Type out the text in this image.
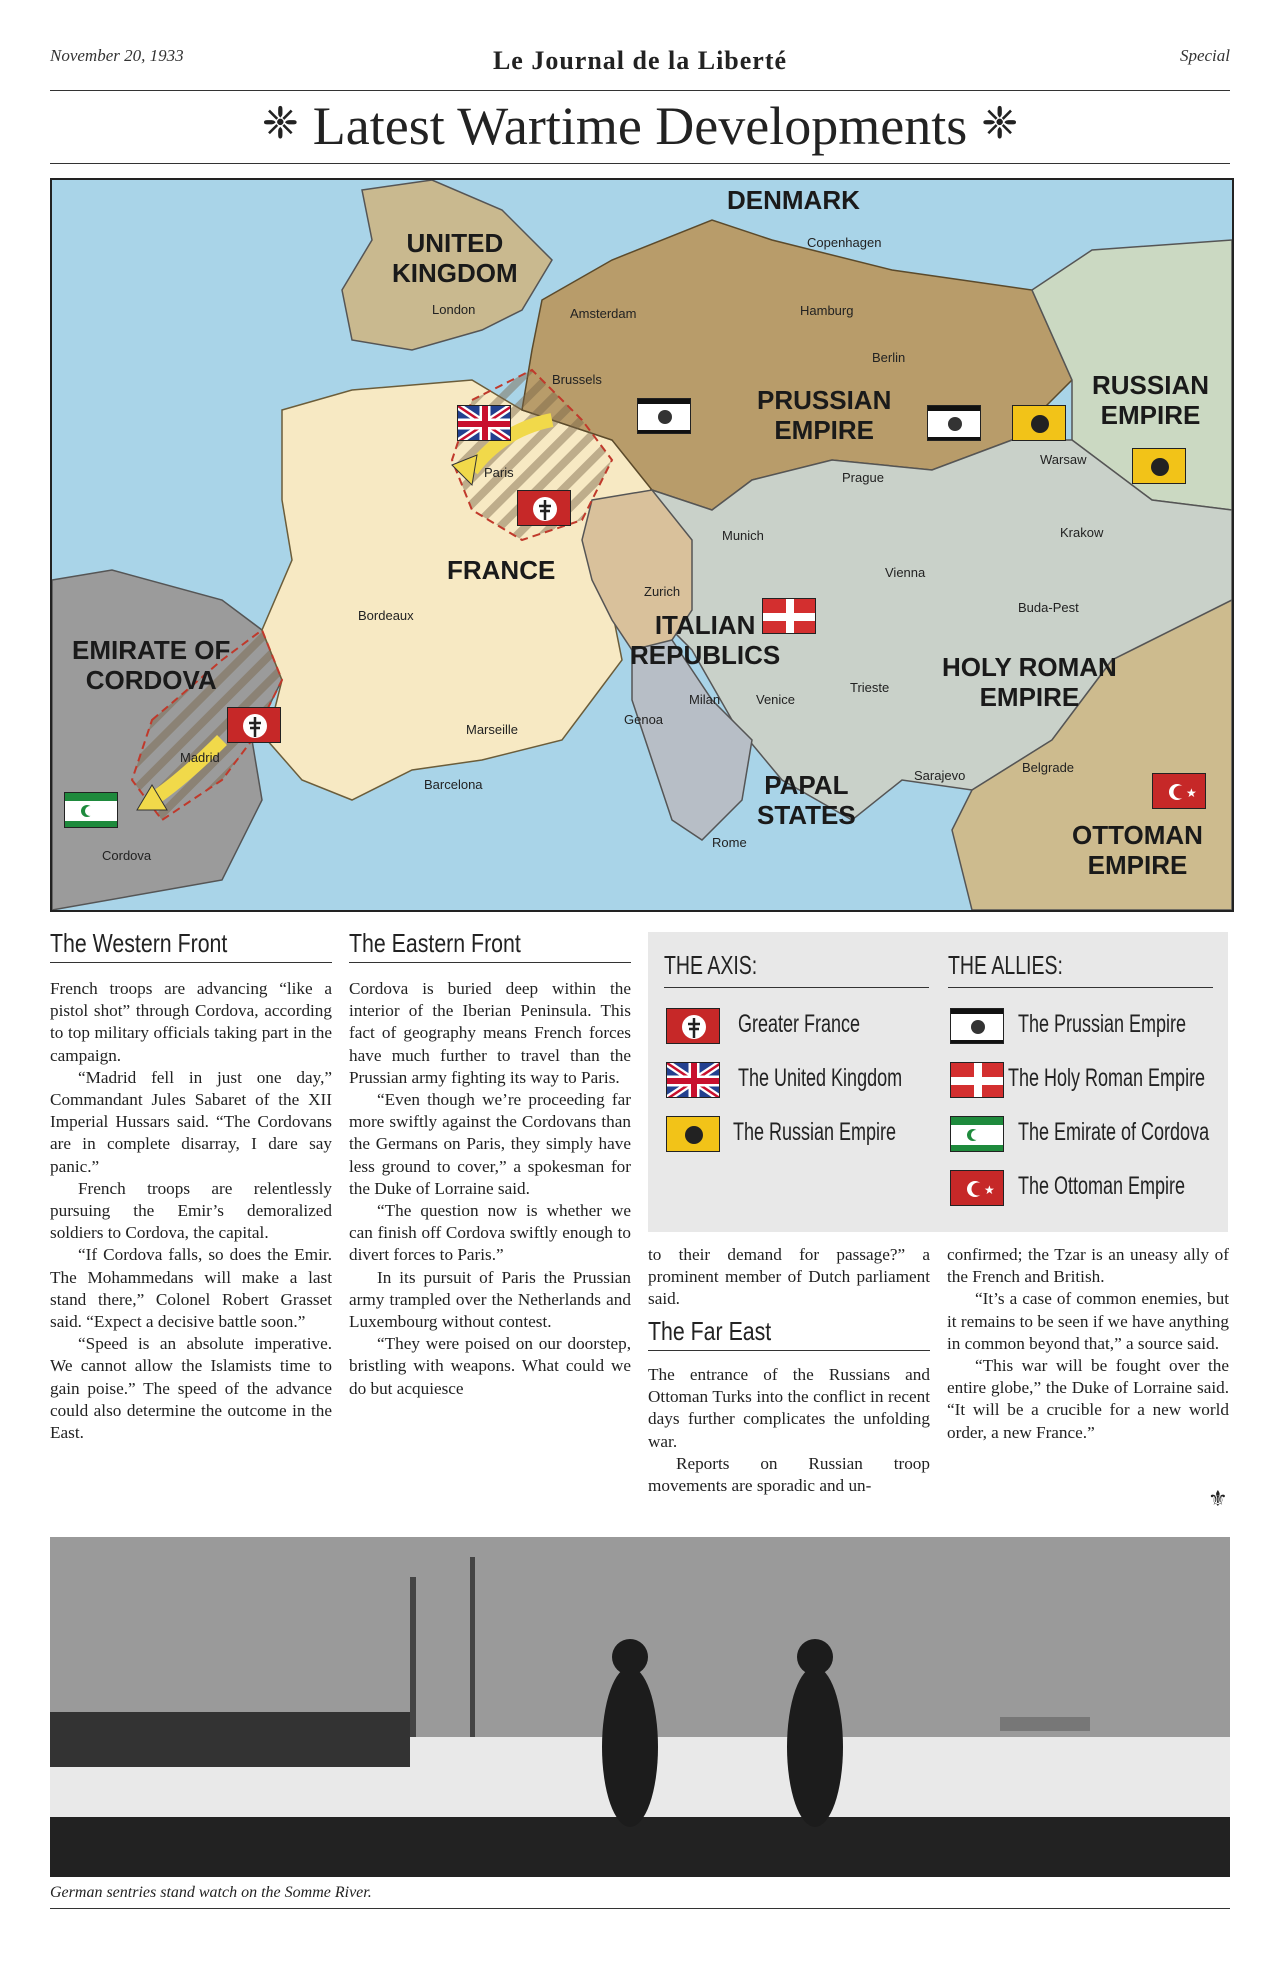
November 20, 1933	Le Journal de la Liberté	Special
❈ Latest Wartime Developments ❈
DENMARK
UNITED
KINGDOM
PRUSSIAN
EMPIRE
RUSSIAN
EMPIRE
FRANCE
ITALIAN
REPUBLICS	HOLY ROMAN
EMPIRE
EMIRATE OF
CORDOVA
PAPAL
STATES
OTTOMAN
EMPIRE
Copenhagen
London	Amsterdam	Hamburg
Berlin
Brussels
Paris
Warsaw
Prague
Krakow
Munich
Vienna
Zurich
Buda-Pest
Bordeaux
Milan	Venice
Trieste
Genoa
Marseille
Madrid
Barcelona
Sarajevo
Belgrade
Rome
Cordova
★
The Western Front

French troops are advancing “like a pistol shot” through Cordova, according to top military officials taking part in the campaign.

“Madrid fell in just one day,” Commandant Jules Sabaret of the XII Imperial Hussars said. “The Cordovans are in complete disarray, I dare say panic.”

French troops are relentlessly pursuing the Emir’s demoralized soldiers to Cordova, the capital.

“If Cordova falls, so does the Emir. The Mohammedans will make a last stand there,” Colonel Robert Grasset said. “Expect a decisive battle soon.”

“Speed is an absolute imperative. We cannot allow the Islamists time to gain poise.” The speed of the advance could also determine the outcome in the East.

The Eastern Front

Cordova is buried deep within the interior of the Iberian Peninsula. This fact of geography means French forces have much further to travel than the Prussian army fighting its way to Paris.

“Even though we’re proceeding far more swiftly against the Cordovans than the Germans on Paris, they simply have less ground to cover,” a spokesman for the Duke of Lorraine said.

“The question now is whether we can finish off Cordova swiftly enough to divert forces to Paris.”

In its pursuit of Paris the Prussian army trampled over the Netherlands and Luxembourg without contest.

“They were poised on our doorstep, bristling with weapons. What could we do but acquiesce

THE AXIS:	THE ALLIES:
Greater France
The United Kingdom
The Russian Empire
The Prussian Empire
The Holy Roman Empire
The Emirate of Cordova
★ The Ottoman Empire

to their demand for passage?” a prominent member of Dutch parliament said.

The Far East

The entrance of the Russians and Ottoman Turks into the conflict in recent days further complicates the unfolding war.

Reports on Russian troop movements are sporadic and un-

confirmed; the Tzar is an uneasy ally of the French and British.

“It’s a case of common enemies, but it remains to be seen if we have anything in common beyond that,” a source said.

“This war will be fought over the entire globe,” the Duke of Lorraine said. “It will be a crucible for a new world order, a new France.”

⚜
German sentries stand watch on the Somme River.
